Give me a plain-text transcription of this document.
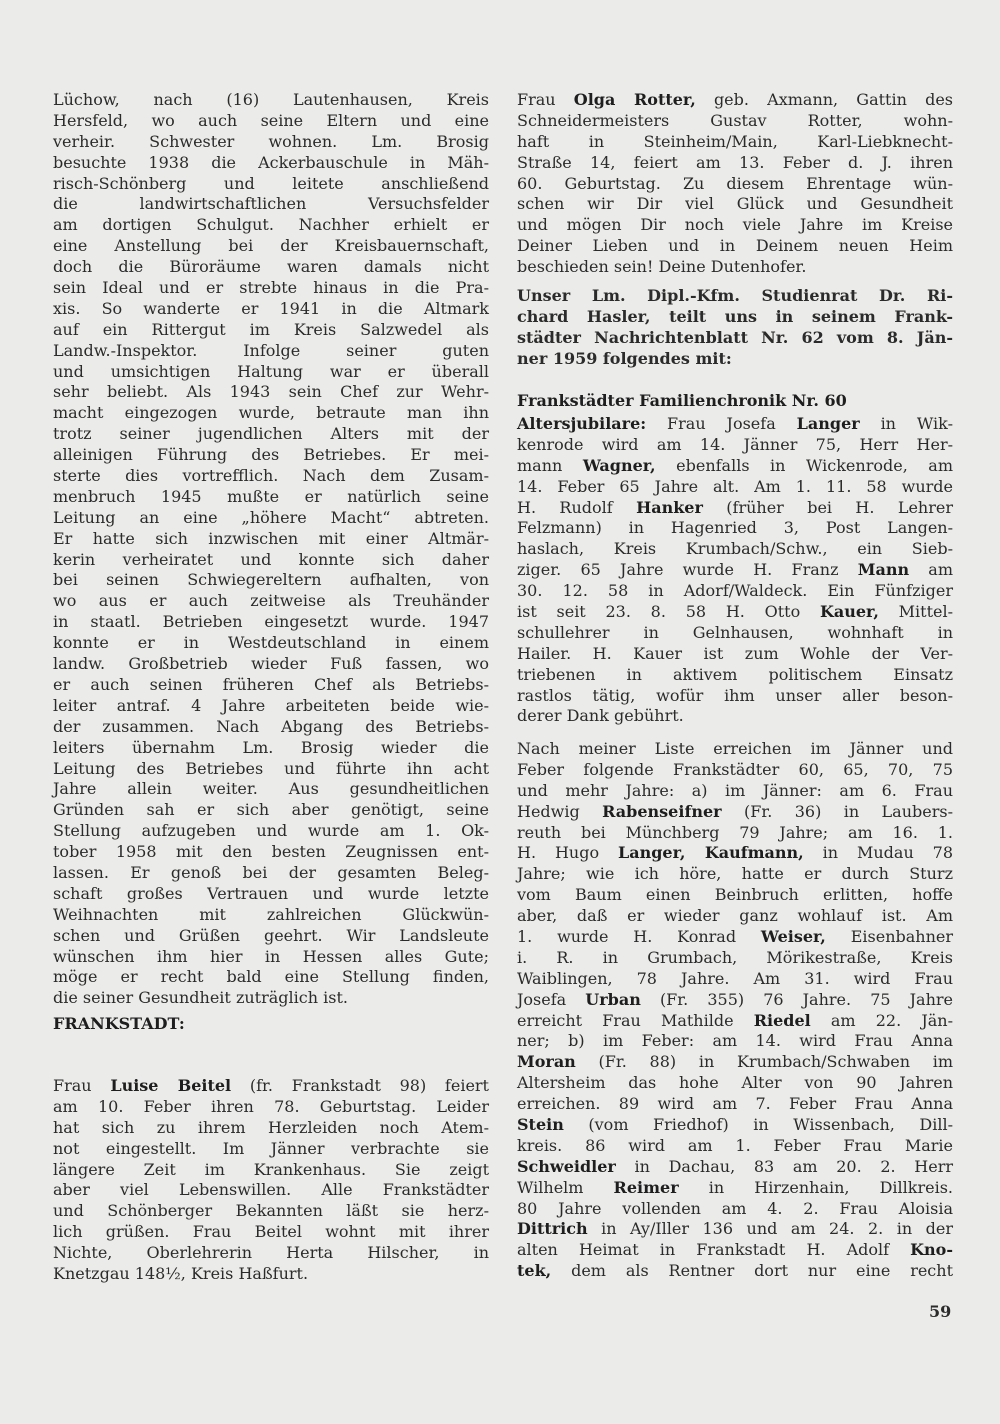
Lüchow, nach (16) Lautenhausen, Kreis
Hersfeld, wo auch seine Eltern und eine
verheir. Schwester wohnen. Lm. Brosig
besuchte 1938 die Ackerbauschule in Mäh-
risch-Schönberg und leitete anschließend
die landwirtschaftlichen Versuchsfelder
am dortigen Schulgut. Nachher erhielt er
eine Anstellung bei der Kreisbauernschaft,
doch die Büroräume waren damals nicht
sein Ideal und er strebte hinaus in die Pra-
xis. So wanderte er 1941 in die Altmark
auf ein Rittergut im Kreis Salzwedel als
Landw.-Inspektor. Infolge seiner guten
und umsichtigen Haltung war er überall
sehr beliebt. Als 1943 sein Chef zur Wehr-
macht eingezogen wurde, betraute man ihn
trotz seiner jugendlichen Alters mit der
alleinigen Führung des Betriebes. Er mei-
sterte dies vortrefflich. Nach dem Zusam-
menbruch 1945 mußte er natürlich seine
Leitung an eine „höhere Macht“ abtreten.
Er hatte sich inzwischen mit einer Altmär-
kerin verheiratet und konnte sich daher
bei seinen Schwiegereltern aufhalten, von
wo aus er auch zeitweise als Treuhänder
in staatl. Betrieben eingesetzt wurde. 1947
konnte er in Westdeutschland in einem
landw. Großbetrieb wieder Fuß fassen, wo
er auch seinen früheren Chef als Betriebs-
leiter antraf. 4 Jahre arbeiteten beide wie-
der zusammen. Nach Abgang des Betriebs-
leiters übernahm Lm. Brosig wieder die
Leitung des Betriebes und führte ihn acht
Jahre allein weiter. Aus gesundheitlichen
Gründen sah er sich aber genötigt, seine
Stellung aufzugeben und wurde am 1. Ok-
tober 1958 mit den besten Zeugnissen ent-
lassen. Er genoß bei der gesamten Beleg-
schaft großes Vertrauen und wurde letzte
Weihnachten mit zahlreichen Glückwün-
schen und Grüßen geehrt. Wir Landsleute
wünschen ihm hier in Hessen alles Gute;
möge er recht bald eine Stellung finden,
die seiner Gesundheit zuträglich ist.
FRANKSTADT:
Frau Luise Beitel (fr. Frankstadt 98) feiert
am 10. Feber ihren 78. Geburtstag. Leider
hat sich zu ihrem Herzleiden noch Atem-
not eingestellt. Im Jänner verbrachte sie
längere Zeit im Krankenhaus. Sie zeigt
aber viel Lebenswillen. Alle Frankstädter
und Schönberger Bekannten läßt sie herz-
lich grüßen. Frau Beitel wohnt mit ihrer
Nichte, Oberlehrerin Herta Hilscher, in
Knetzgau 148½, Kreis Haßfurt.
Frau Olga Rotter, geb. Axmann, Gattin des
Schneidermeisters Gustav Rotter, wohn-
haft in Steinheim/Main, Karl-Liebknecht-
Straße 14, feiert am 13. Feber d. J. ihren
60. Geburtstag. Zu diesem Ehrentage wün-
schen wir Dir viel Glück und Gesundheit
und mögen Dir noch viele Jahre im Kreise
Deiner Lieben und in Deinem neuen Heim
beschieden sein! Deine Dutenhofer.
Unser Lm. Dipl.-Kfm. Studienrat Dr. Ri-
chard Hasler, teilt uns in seinem Frank-
städter Nachrichtenblatt Nr. 62 vom 8. Jän-
ner 1959 folgendes mit:
Frankstädter Familienchronik Nr. 60
Altersjubilare: Frau Josefa Langer in Wik-
kenrode wird am 14. Jänner 75, Herr Her-
mann Wagner, ebenfalls in Wickenrode, am
14. Feber 65 Jahre alt. Am 1. 11. 58 wurde
H. Rudolf Hanker (früher bei H. Lehrer
Felzmann) in Hagenried 3, Post Langen-
haslach, Kreis Krumbach/Schw., ein Sieb-
ziger. 65 Jahre wurde H. Franz Mann am
30. 12. 58 in Adorf/Waldeck. Ein Fünfziger
ist seit 23. 8. 58 H. Otto Kauer, Mittel-
schullehrer in Gelnhausen, wohnhaft in
Hailer. H. Kauer ist zum Wohle der Ver-
triebenen in aktivem politischem Einsatz
rastlos tätig, wofür ihm unser aller beson-
derer Dank gebührt.
Nach meiner Liste erreichen im Jänner und
Feber folgende Frankstädter 60, 65, 70, 75
und mehr Jahre: a) im Jänner: am 6. Frau
Hedwig Rabenseifner (Fr. 36) in Laubers-
reuth bei Münchberg 79 Jahre; am 16. 1.
H. Hugo Langer, Kaufmann, in Mudau 78
Jahre; wie ich höre, hatte er durch Sturz
vom Baum einen Beinbruch erlitten, hoffe
aber, daß er wieder ganz wohlauf ist. Am
1. wurde H. Konrad Weiser, Eisenbahner
i. R. in Grumbach, Mörikestraße, Kreis
Waiblingen, 78 Jahre. Am 31. wird Frau
Josefa Urban (Fr. 355) 76 Jahre. 75 Jahre
erreicht Frau Mathilde Riedel am 22. Jän-
ner; b) im Feber: am 14. wird Frau Anna
Moran (Fr. 88) in Krumbach/Schwaben im
Altersheim das hohe Alter von 90 Jahren
erreichen. 89 wird am 7. Feber Frau Anna
Stein (vom Friedhof) in Wissenbach, Dill-
kreis. 86 wird am 1. Feber Frau Marie
Schweidler in Dachau, 83 am 20. 2. Herr
Wilhelm Reimer in Hirzenhain, Dillkreis.
80 Jahre vollenden am 4. 2. Frau Aloisia
Dittrich in Ay/Iller 136 und am 24. 2. in der
alten Heimat in Frankstadt H. Adolf Kno-
tek, dem als Rentner dort nur eine recht
59
